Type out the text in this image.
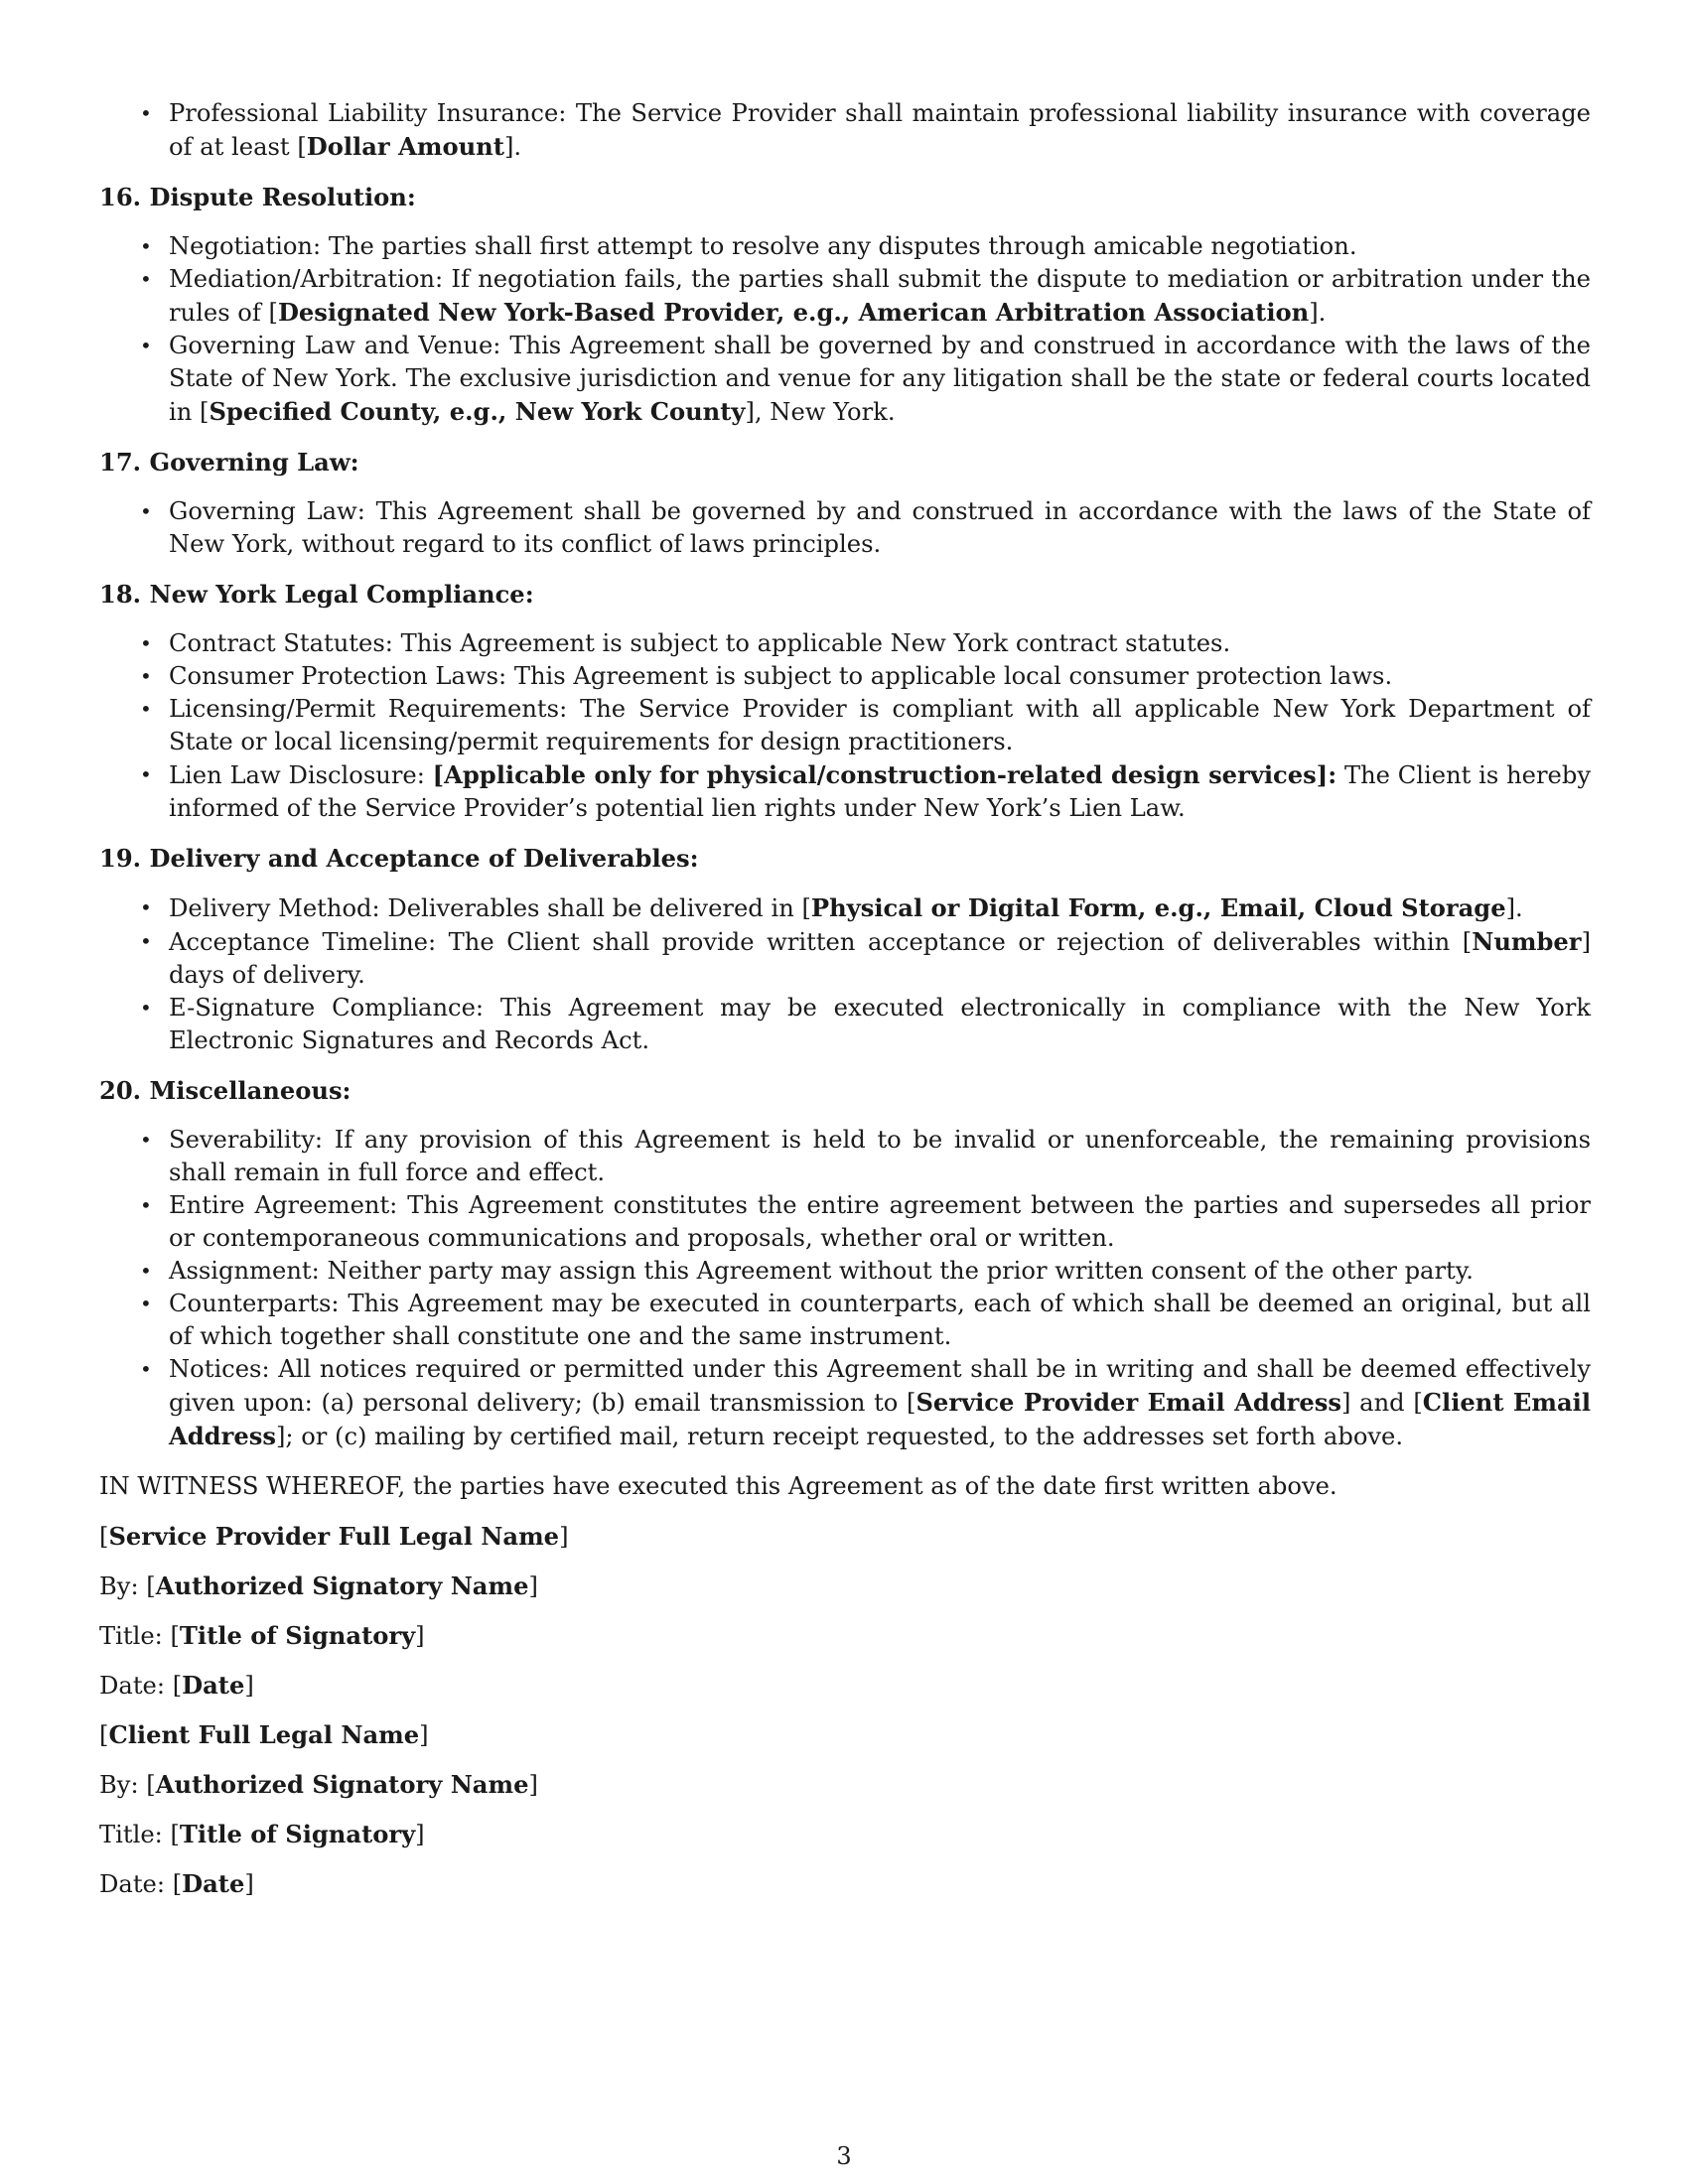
• Professional Liability Insurance: The Service Provider shall maintain professional liability insurance with coverage of at least [Dollar Amount].

16. Dispute Resolution:

• Negotiation: The parties shall first attempt to resolve any disputes through amicable negotiation.
• Mediation/Arbitration: If negotiation fails, the parties shall submit the dispute to mediation or arbitration under the rules of [Designated New York-Based Provider, e.g., American Arbitration Association].
• Governing Law and Venue: This Agreement shall be governed by and construed in accordance with the laws of the State of New York. The exclusive jurisdiction and venue for any litigation shall be the state or federal courts located in [Specified County, e.g., New York County], New York.

17. Governing Law:

• Governing Law: This Agreement shall be governed by and construed in accordance with the laws of the State of New York, without regard to its conflict of laws principles.

18. New York Legal Compliance:

• Contract Statutes: This Agreement is subject to applicable New York contract statutes.
• Consumer Protection Laws: This Agreement is subject to applicable local consumer protection laws.
• Licensing/Permit Requirements: The Service Provider is compliant with all applicable New York Department of State or local licensing/permit requirements for design practitioners.
• Lien Law Disclosure: [Applicable only for physical/construction-related design services]: The Client is hereby informed of the Service Provider’s potential lien rights under New York’s Lien Law.

19. Delivery and Acceptance of Deliverables:

• Delivery Method: Deliverables shall be delivered in [Physical or Digital Form, e.g., Email, Cloud Storage].
• Acceptance Timeline: The Client shall provide written acceptance or rejection of deliverables within [Number] days of delivery.
• E-Signature Compliance: This Agreement may be executed electronically in compliance with the New York Electronic Signatures and Records Act.

20. Miscellaneous:

• Severability: If any provision of this Agreement is held to be invalid or unenforceable, the remaining provisions shall remain in full force and effect.
• Entire Agreement: This Agreement constitutes the entire agreement between the parties and supersedes all prior or contemporaneous communications and proposals, whether oral or written.
• Assignment: Neither party may assign this Agreement without the prior written consent of the other party.
• Counterparts: This Agreement may be executed in counterparts, each of which shall be deemed an original, but all of which together shall constitute one and the same instrument.
• Notices: All notices required or permitted under this Agreement shall be in writing and shall be deemed effectively given upon: (a) personal delivery; (b) email transmission to [Service Provider Email Address] and [Client Email Address]; or (c) mailing by certified mail, return receipt requested, to the addresses set forth above.

IN WITNESS WHEREOF, the parties have executed this Agreement as of the date first written above.

[Service Provider Full Legal Name]

By: [Authorized Signatory Name]

Title: [Title of Signatory]

Date: [Date]

[Client Full Legal Name]

By: [Authorized Signatory Name]

Title: [Title of Signatory]

Date: [Date]

3
